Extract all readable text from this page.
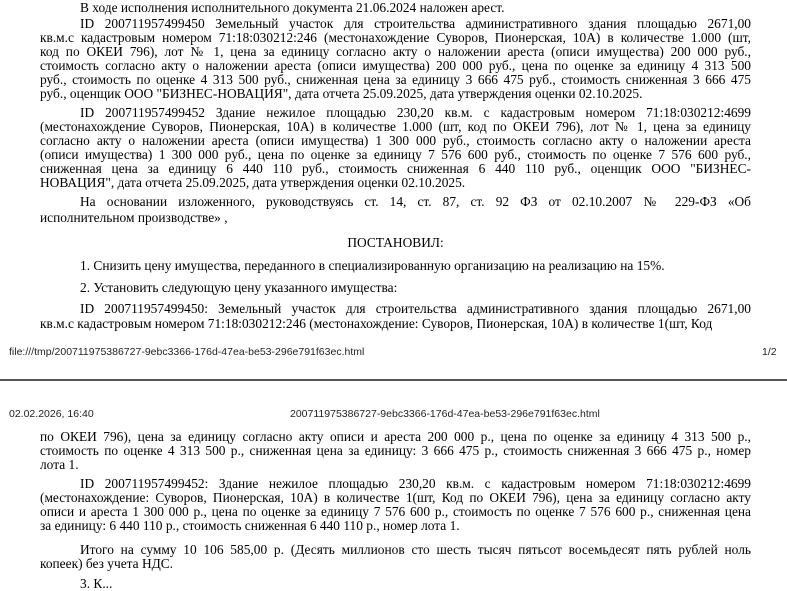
В ходе исполнения исполнительного документа 21.06.2024 наложен арест.
ID 200711957499450 Земельный участок для строительства административного здания площадью 2671,00
кв.м.с кадастровым номером 71:18:030212:246 (местонахождение Суворов, Пионерская, 10А) в количестве 1.000 (шт,
код по ОКЕИ 796), лот № 1, цена за единицу согласно акту о наложении ареста (описи имущества) 200 000 руб.,
стоимость согласно акту о наложении ареста (описи имущества) 200 000 руб., цена по оценке за единицу 4 313 500
руб., стоимость по оценке 4 313 500 руб., сниженная цена за единицу 3 666 475 руб., стоимость сниженная 3 666 475
руб., оценщик ООО "БИЗНЕС-НОВАЦИЯ", дата отчета 25.09.2025, дата утверждения оценки 02.10.2025.
ID 200711957499452 Здание нежилое площадью 230,20 кв.м. с кадастровым номером 71:18:030212:4699
(местонахождение Суворов, Пионерская, 10А) в количестве 1.000 (шт, код по ОКЕИ 796), лот № 1, цена за единицу
согласно акту о наложении ареста (описи имущества) 1 300 000 руб., стоимость согласно акту о наложении ареста
(описи имущества) 1 300 000 руб., цена по оценке за единицу 7 576 600 руб., стоимость по оценке 7 576 600 руб.,
сниженная цена за единицу 6 440 110 руб., стоимость сниженная 6 440 110 руб., оценщик ООО "БИЗНЕС-
НОВАЦИЯ", дата отчета 25.09.2025, дата утверждения оценки 02.10.2025.
На основании изложенного, руководствуясь ст. 14, ст. 87, ст. 92 ФЗ от 02.10.2007 № 229-ФЗ «Об
исполнительном производстве» ,
ПОСТАНОВИЛ:
1. Снизить цену имущества, переданного в специализированную организацию на реализацию на 15%.
2. Установить следующую цену указанного имущества:
ID 200711957499450: Земельный участок для строительства административного здания площадью 2671,00
кв.м.с кадастровым номером 71:18:030212:246 (местонахождение: Суворов, Пионерская, 10А) в количестве 1(шт, Код
file:///tmp/200711975386727-9ebc3366-176d-47ea-be53-296e791f63ec.html	1/2
02.02.2026, 16:40	200711975386727-9ebc3366-176d-47ea-be53-296e791f63ec.html
по ОКЕИ 796), цена за единицу согласно акту описи и ареста 200 000 р., цена по оценке за единицу 4 313 500 р.,
стоимость по оценке 4 313 500 р., сниженная цена за единицу: 3 666 475 р., стоимость сниженная 3 666 475 р., номер
лота 1.
ID 200711957499452: Здание нежилое площадью 230,20 кв.м. с кадастровым номером 71:18:030212:4699
(местонахождение: Суворов, Пионерская, 10А) в количестве 1(шт, Код по ОКЕИ 796), цена за единицу согласно акту
описи и ареста 1 300 000 р., цена по оценке за единицу 7 576 600 р., стоимость по оценке 7 576 600 р., сниженная цена
за единицу: 6 440 110 р., стоимость сниженная 6 440 110 р., номер лота 1.
Итого на сумму 10 106 585,00 р. (Десять миллионов сто шесть тысяч пятьсот восемьдесят пять рублей ноль
копеек) без учета НДС.
3. К...
